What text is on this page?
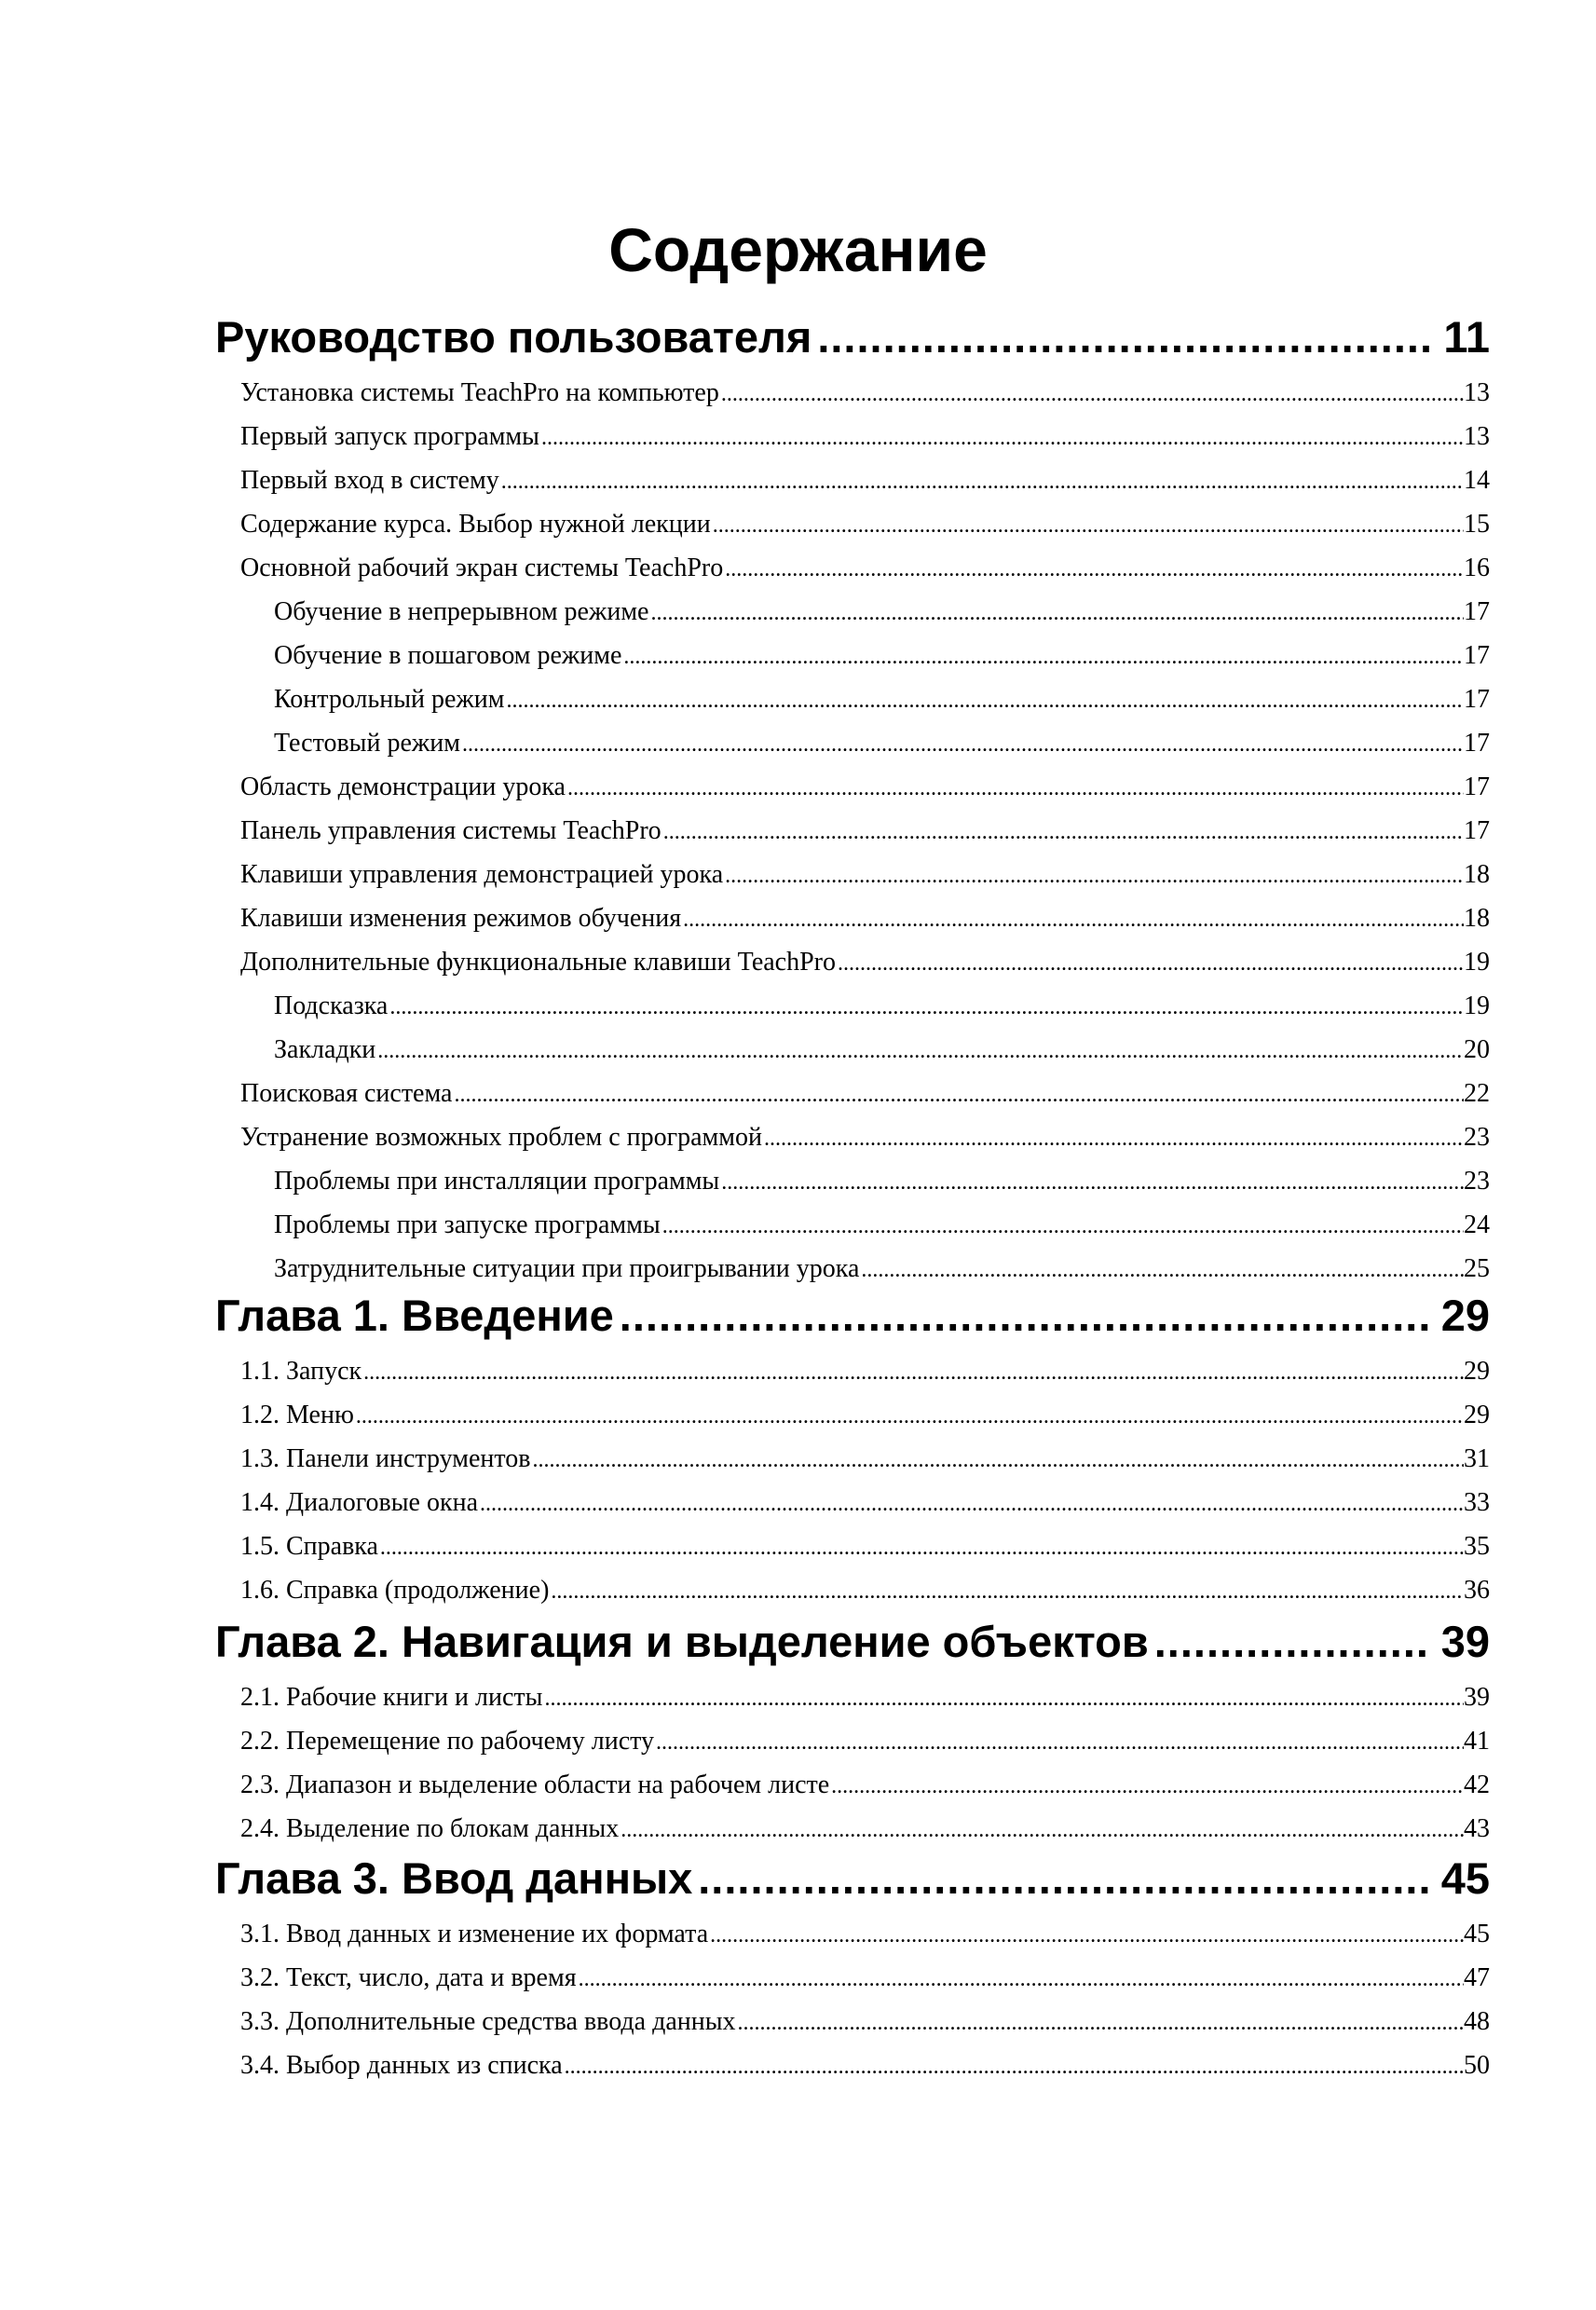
Содержание
Руководство пользователя .....	11
Установка системы TeachPro на компьютер .....	13
Первый запуск программы .....	13
Первый вход в систему .....	14
Содержание курса. Выбор нужной лекции .....	15
Основной рабочий экран системы TeachPro .....	16
Обучение в непрерывном режиме .....	17
Обучение в пошаговом режиме .....	17
Контрольный режим .....	17
Тестовый режим .....	17
Область демонстрации урока .....	17
Панель управления системы TeachPro .....	17
Клавиши управления демонстрацией урока .....	18
Клавиши изменения режимов обучения .....	18
Дополнительные функциональные клавиши TeachPro .....	19
Подсказка .....	19
Закладки .....	20
Поисковая система .....	22
Устранение возможных проблем с программой .....	23
Проблемы при инсталляции программы .....	23
Проблемы при запуске программы .....	24
Затруднительные ситуации при проигрывании урока .....	25
Глава 1. Введение .....	29
1.1. Запуск .....	29
1.2. Меню .....	29
1.3. Панели инструментов .....	31
1.4. Диалоговые окна .....	33
1.5. Справка .....	35
1.6. Справка (продолжение) .....	36
Глава 2. Навигация и выделение объектов .....	39
2.1. Рабочие книги и листы .....	39
2.2. Перемещение по рабочему листу .....	41
2.3. Диапазон и выделение области на рабочем листе .....	42
2.4. Выделение по блокам данных .....	43
Глава 3. Ввод данных .....	45
3.1. Ввод данных и изменение их формата .....	45
3.2. Текст, число, дата и время .....	47
3.3. Дополнительные средства ввода данных .....	48
3.4. Выбор данных из списка .....	50
